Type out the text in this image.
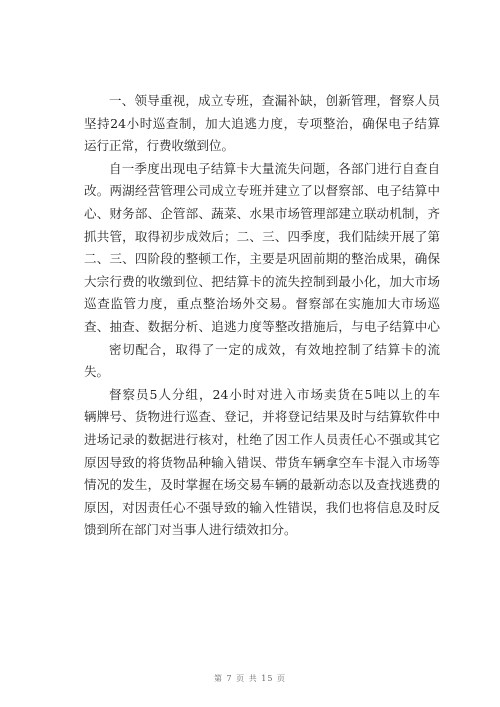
一、领导重视，成立专班，查漏补缺，创新管理，督察人员
坚持24小时巡查制，加大追逃力度，专项整治，确保电子结算
运行正常，行费收缴到位。
自一季度出现电子结算卡大量流失问题，各部门进行自查自
改。两湖经营管理公司成立专班并建立了以督察部、电子结算中
心、财务部、企管部、蔬菜、水果市场管理部建立联动机制，齐
抓共管，取得初步成效后；二、三、四季度，我们陆续开展了第
二、三、四阶段的整顿工作，主要是巩固前期的整治成果，确保
大宗行费的收缴到位、把结算卡的流失控制到最小化，加大市场
巡查监管力度，重点整治场外交易。督察部在实施加大市场巡
查、抽查、数据分析、追逃力度等整改措施后，与电子结算中心
密切配合，取得了一定的成效，有效地控制了结算卡的流
失。
督察员5人分组，24小时对进入市场卖货在5吨以上的车
辆牌号、货物进行巡查、登记，并将登记结果及时与结算软件中
进场记录的数据进行核对，杜绝了因工作人员责任心不强或其它
原因导致的将货物品种输入错误、带货车辆拿空车卡混入市场等
情况的发生，及时掌握在场交易车辆的最新动态以及查找逃费的
原因，对因责任心不强导致的输入性错误，我们也将信息及时反
馈到所在部门对当事人进行绩效扣分。
第 7 页 共 15 页
